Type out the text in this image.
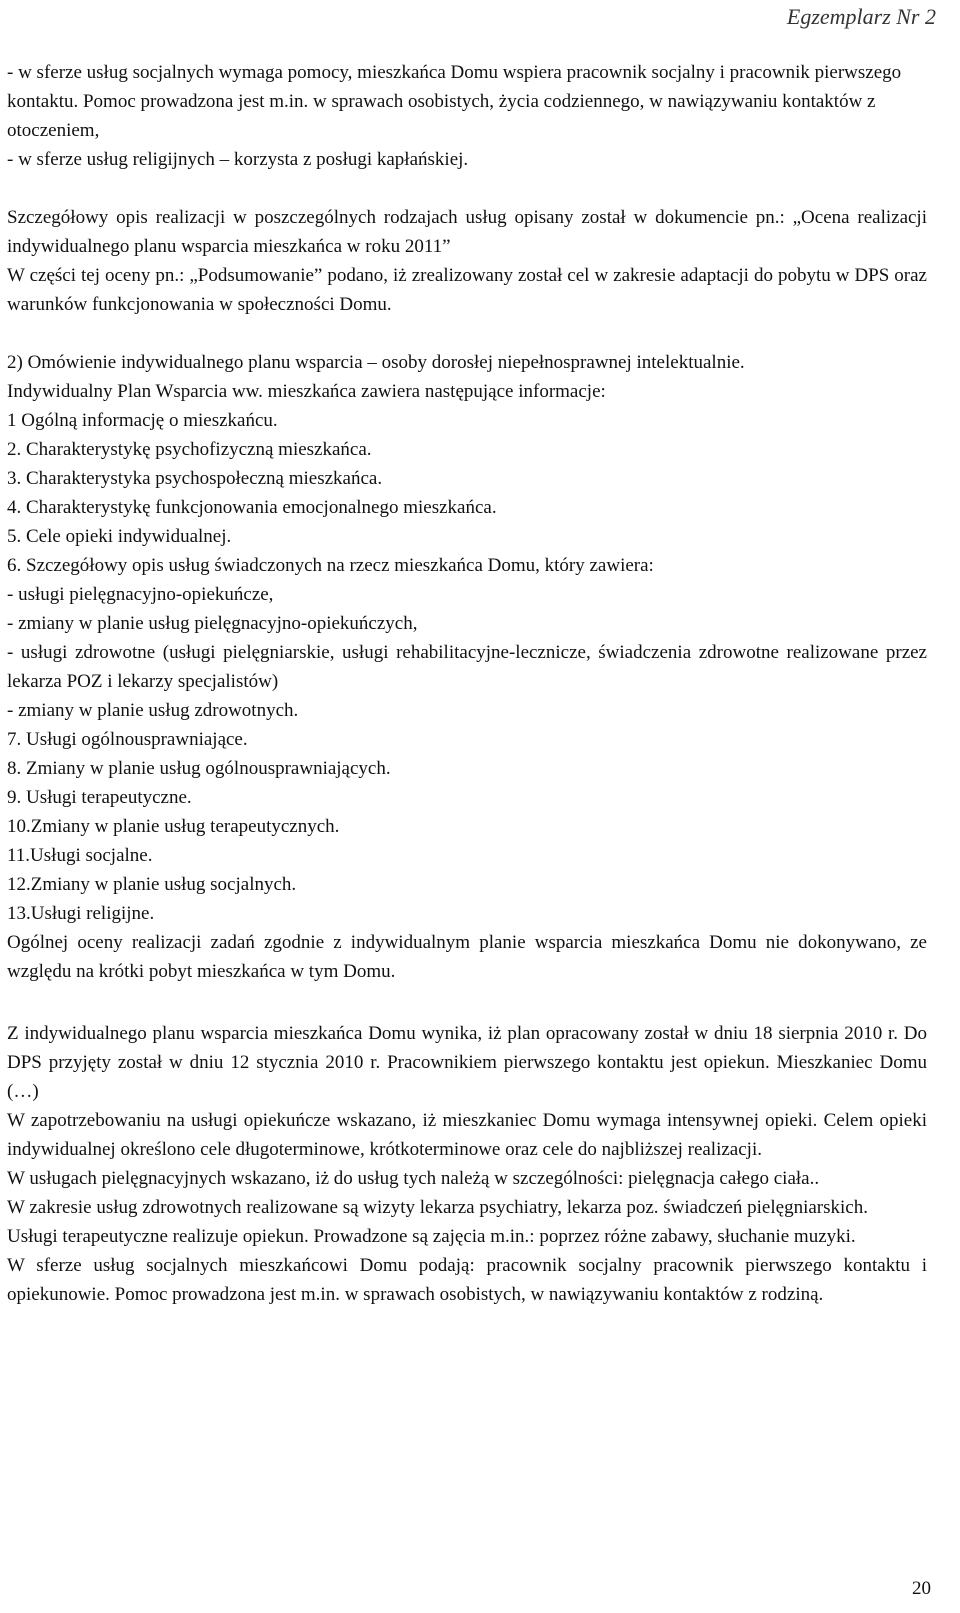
Egzemplarz Nr 2

- w sferze usług socjalnych wymaga pomocy, mieszkańca Domu wspiera pracownik socjalny i pracownik pierwszego kontaktu. Pomoc prowadzona jest m.in. w sprawach osobistych, życia codziennego, w nawiązywaniu kontaktów z otoczeniem,

- w sferze usług religijnych – korzysta z posługi kapłańskiej.

Szczegółowy opis realizacji w poszczególnych rodzajach usług opisany został w dokumencie pn.: „Ocena realizacji indywidualnego planu wsparcia mieszkańca w roku 2011”

W części tej oceny pn.: „Podsumowanie” podano, iż zrealizowany został cel w zakresie adaptacji do pobytu w DPS oraz warunków funkcjonowania w społeczności Domu.

2) Omówienie indywidualnego planu wsparcia – osoby dorosłej niepełnosprawnej intelektualnie.

Indywidualny Plan Wsparcia ww. mieszkańca zawiera następujące informacje:

1 Ogólną informację o mieszkańcu.

2. Charakterystykę psychofizyczną mieszkańca.

3. Charakterystyka psychospołeczną mieszkańca.

4. Charakterystykę funkcjonowania emocjonalnego mieszkańca.

5. Cele opieki indywidualnej.

6. Szczegółowy opis usług świadczonych na rzecz mieszkańca Domu, który zawiera:

- usługi pielęgnacyjno-opiekuńcze,

- zmiany w planie usług pielęgnacyjno-opiekuńczych,

- usługi zdrowotne (usługi pielęgniarskie, usługi rehabilitacyjne-lecznicze, świadczenia zdrowotne realizowane przez lekarza POZ i lekarzy specjalistów)

- zmiany w planie usług zdrowotnych.

7. Usługi ogólnousprawniające.

8. Zmiany w planie usług ogólnousprawniających.

9. Usługi terapeutyczne.

10.Zmiany w planie usług terapeutycznych.

11.Usługi socjalne.

12.Zmiany w planie usług socjalnych.

13.Usługi religijne.

Ogólnej oceny realizacji zadań zgodnie z indywidualnym planie wsparcia mieszkańca Domu nie dokonywano, ze względu na krótki pobyt mieszkańca w tym Domu.

Z indywidualnego planu wsparcia mieszkańca Domu wynika, iż plan opracowany został w dniu 18 sierpnia 2010 r. Do DPS przyjęty został w dniu 12 stycznia 2010 r. Pracownikiem pierwszego kontaktu jest opiekun. Mieszkaniec Domu (…)

W zapotrzebowaniu na usługi opiekuńcze wskazano, iż mieszkaniec Domu wymaga intensywnej opieki. Celem opieki indywidualnej określono cele długoterminowe, krótkoterminowe oraz cele do najbliższej realizacji.

W usługach pielęgnacyjnych wskazano, iż do usług tych należą w szczególności: pielęgnacja całego ciała..

W zakresie usług zdrowotnych realizowane są wizyty lekarza psychiatry, lekarza poz. świadczeń pielęgniarskich.

Usługi terapeutyczne realizuje opiekun. Prowadzone są zajęcia m.in.: poprzez różne zabawy, słuchanie muzyki.

W sferze usług socjalnych mieszkańcowi Domu podają: pracownik socjalny pracownik pierwszego kontaktu i opiekunowie. Pomoc prowadzona jest m.in. w sprawach osobistych, w nawiązywaniu kontaktów z rodziną.

20
